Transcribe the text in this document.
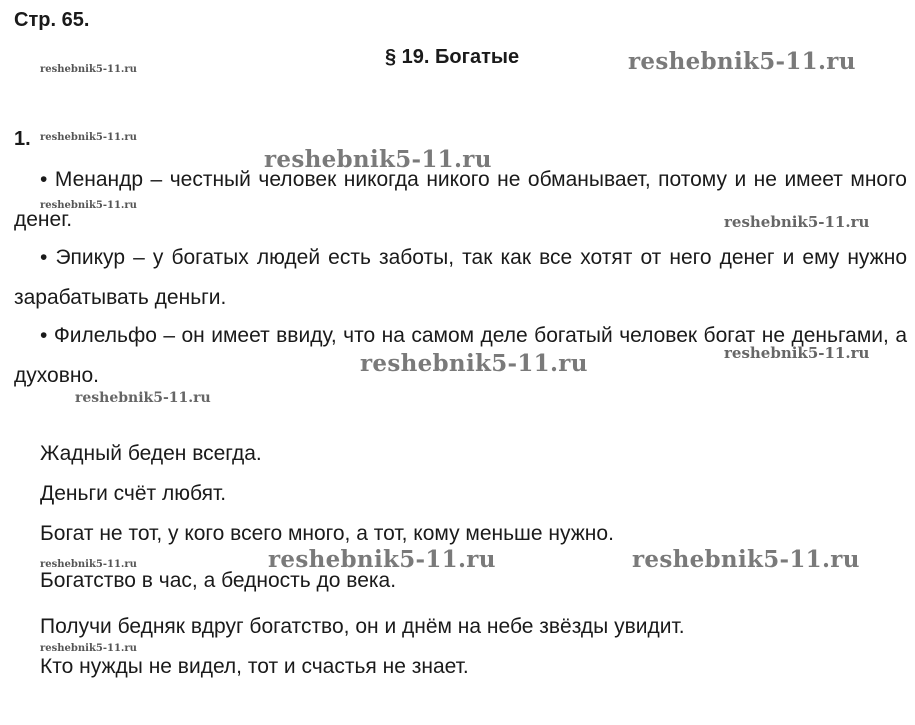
Стр. 65.
§ 19. Богатые
1.
• Менандр – честный человек никогда никого не обманывает, потому и не имеет много денег.
• Эпикур – у богатых людей есть заботы, так как все хотят от него денег и ему нужно зарабатывать деньги.
• Филельфо – он имеет ввиду, что на самом деле богатый человек богат не деньгами, а духовно.
Жадный беден всегда.
Деньги счёт любят.
Богат не тот, у кого всего много, а тот, кому меньше нужно.
Богатство в час, а бедность до века.
Получи бедняк вдруг богатство, он и днём на небе звёзды увидит.
Кто нужды не видел, тот и счастья не знает.
reshebnik5-11.ru	reshebnik5-11.ru
reshebnik5-11.ru
reshebnik5-11.ru
reshebnik5-11.ru
reshebnik5-11.ru
reshebnik5-11.ru
reshebnik5-11.ru
reshebnik5-11.ru
reshebnik5-11.ru	reshebnik5-11.ru	reshebnik5-11.ru
reshebnik5-11.ru
